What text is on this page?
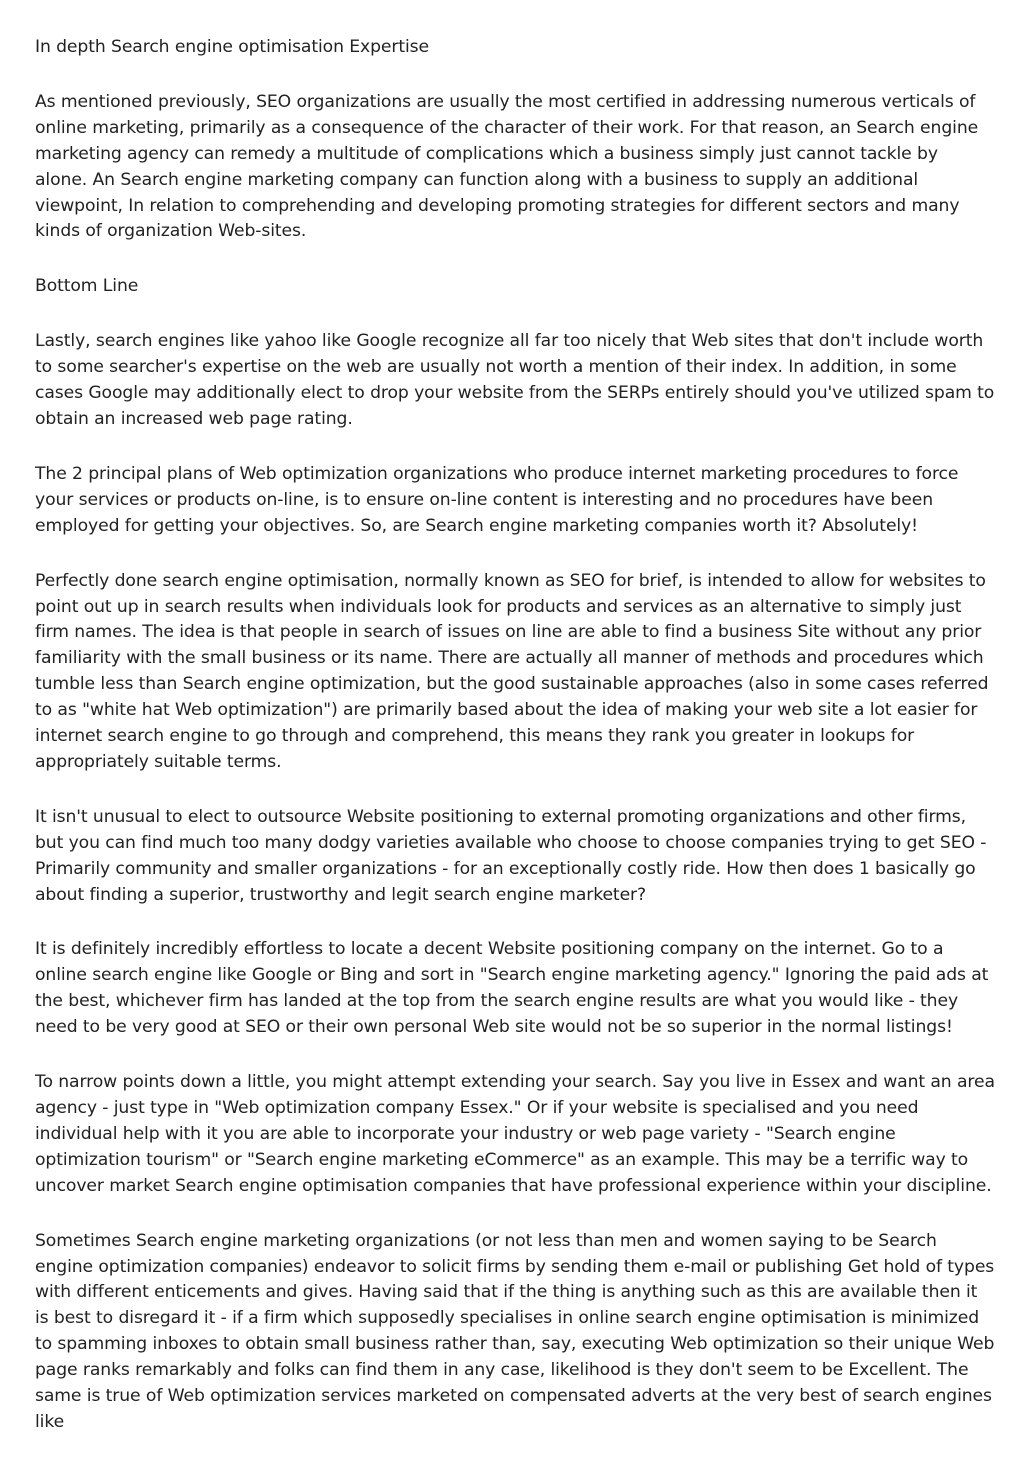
In depth Search engine optimisation Expertise

As mentioned previously, SEO organizations are usually the most certified in addressing numerous verticals of online marketing, primarily as a consequence of the character of their work. For that reason, an Search engine marketing agency can remedy a multitude of complications which a business simply just cannot tackle by alone. An Search engine marketing company can function along with a business to supply an additional viewpoint, In relation to comprehending and developing promoting strategies for different sectors and many kinds of organization Web-sites.

Bottom Line

Lastly, search engines like yahoo like Google recognize all far too nicely that Web sites that don't include worth to some searcher's expertise on the web are usually not worth a mention of their index. In addition, in some cases Google may additionally elect to drop your website from the SERPs entirely should you've utilized spam to obtain an increased web page rating.

The 2 principal plans of Web optimization organizations who produce internet marketing procedures to force your services or products on-line, is to ensure on-line content is interesting and no procedures have been employed for getting your objectives. So, are Search engine marketing companies worth it? Absolutely!

Perfectly done search engine optimisation, normally known as SEO for brief, is intended to allow for websites to point out up in search results when individuals look for products and services as an alternative to simply just firm names. The idea is that people in search of issues on line are able to find a business Site without any prior familiarity with the small business or its name. There are actually all manner of methods and procedures which tumble less than Search engine optimization, but the good sustainable approaches (also in some cases referred to as "white hat Web optimization") are primarily based about the idea of making your web site a lot easier for internet search engine to go through and comprehend, this means they rank you greater in lookups for appropriately suitable terms.

It isn't unusual to elect to outsource Website positioning to external promoting organizations and other firms, but you can find much too many dodgy varieties available who choose to choose companies trying to get SEO - Primarily community and smaller organizations - for an exceptionally costly ride. How then does 1 basically go about finding a superior, trustworthy and legit search engine marketer?

It is definitely incredibly effortless to locate a decent Website positioning company on the internet. Go to a online search engine like Google or Bing and sort in "Search engine marketing agency." Ignoring the paid ads at the best, whichever firm has landed at the top from the search engine results are what you would like - they need to be very good at SEO or their own personal Web site would not be so superior in the normal listings!

To narrow points down a little, you might attempt extending your search. Say you live in Essex and want an area agency - just type in "Web optimization company Essex." Or if your website is specialised and you need individual help with it you are able to incorporate your industry or web page variety - "Search engine optimization tourism" or "Search engine marketing eCommerce" as an example. This may be a terrific way to uncover market Search engine optimisation companies that have professional experience within your discipline.

Sometimes Search engine marketing organizations (or not less than men and women saying to be Search engine optimization companies) endeavor to solicit firms by sending them e-mail or publishing Get hold of types with different enticements and gives. Having said that if the thing is anything such as this are available then it is best to disregard it - if a firm which supposedly specialises in online search engine optimisation is minimized to spamming inboxes to obtain small business rather than, say, executing Web optimization so their unique Web page ranks remarkably and folks can find them in any case, likelihood is they don't seem to be Excellent. The same is true of Web optimization services marketed on compensated adverts at the very best of search engines like
